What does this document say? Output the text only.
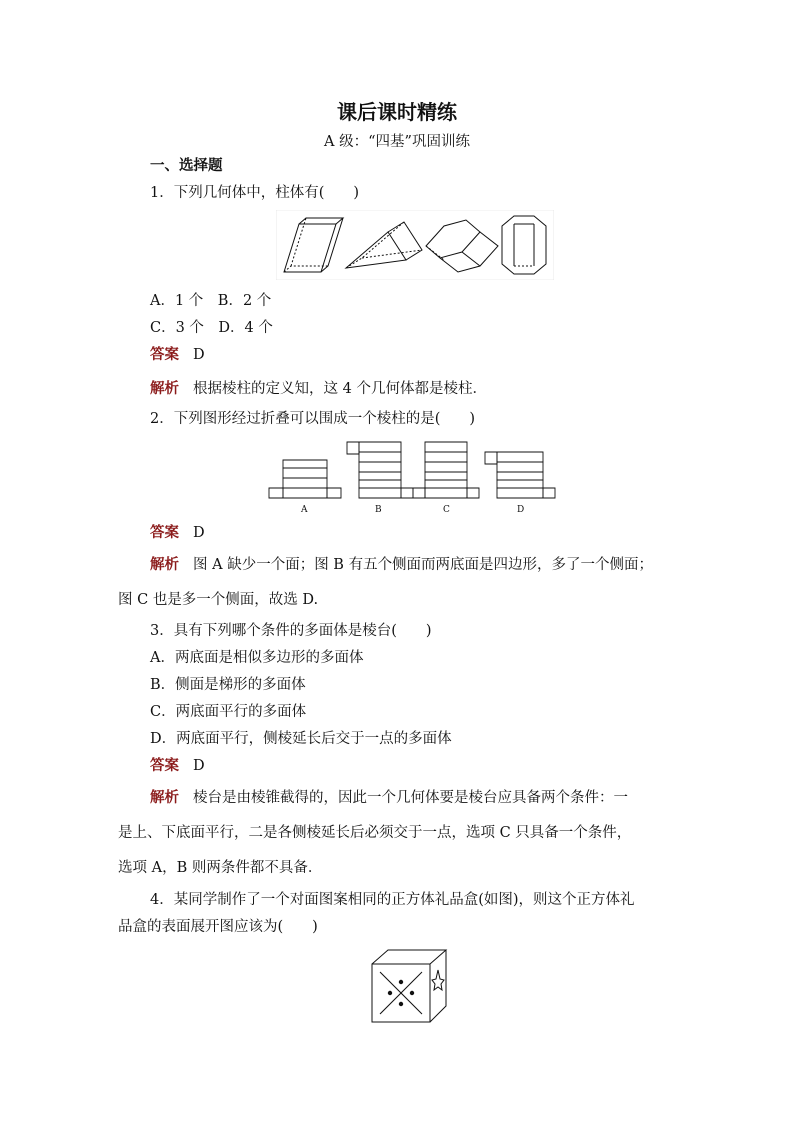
课后课时精练
A 级：“四基”巩固训练
一、选择题
1．下列几何体中，柱体有(　　)
A．1 个　B．2 个
C．3 个　D．4 个
答案 D
解析 根据棱柱的定义知，这 4 个几何体都是棱柱．
2．下列图形经过折叠可以围成一个棱柱的是(　　)
A	B	C	D
答案 D
解析 图 A 缺少一个面；图 B 有五个侧面而两底面是四边形，多了一个侧面；
图 C 也是多一个侧面，故选 D.
3．具有下列哪个条件的多面体是棱台(　　)
A．两底面是相似多边形的多面体
B．侧面是梯形的多面体
C．两底面平行的多面体
D．两底面平行，侧棱延长后交于一点的多面体
答案 D
解析 棱台是由棱锥截得的，因此一个几何体要是棱台应具备两个条件：一
是上、下底面平行，二是各侧棱延长后必须交于一点，选项 C 只具备一个条件，
选项 A，B 则两条件都不具备．
4．某同学制作了一个对面图案相同的正方体礼品盒(如图)，则这个正方体礼
品盒的表面展开图应该为(　　)
